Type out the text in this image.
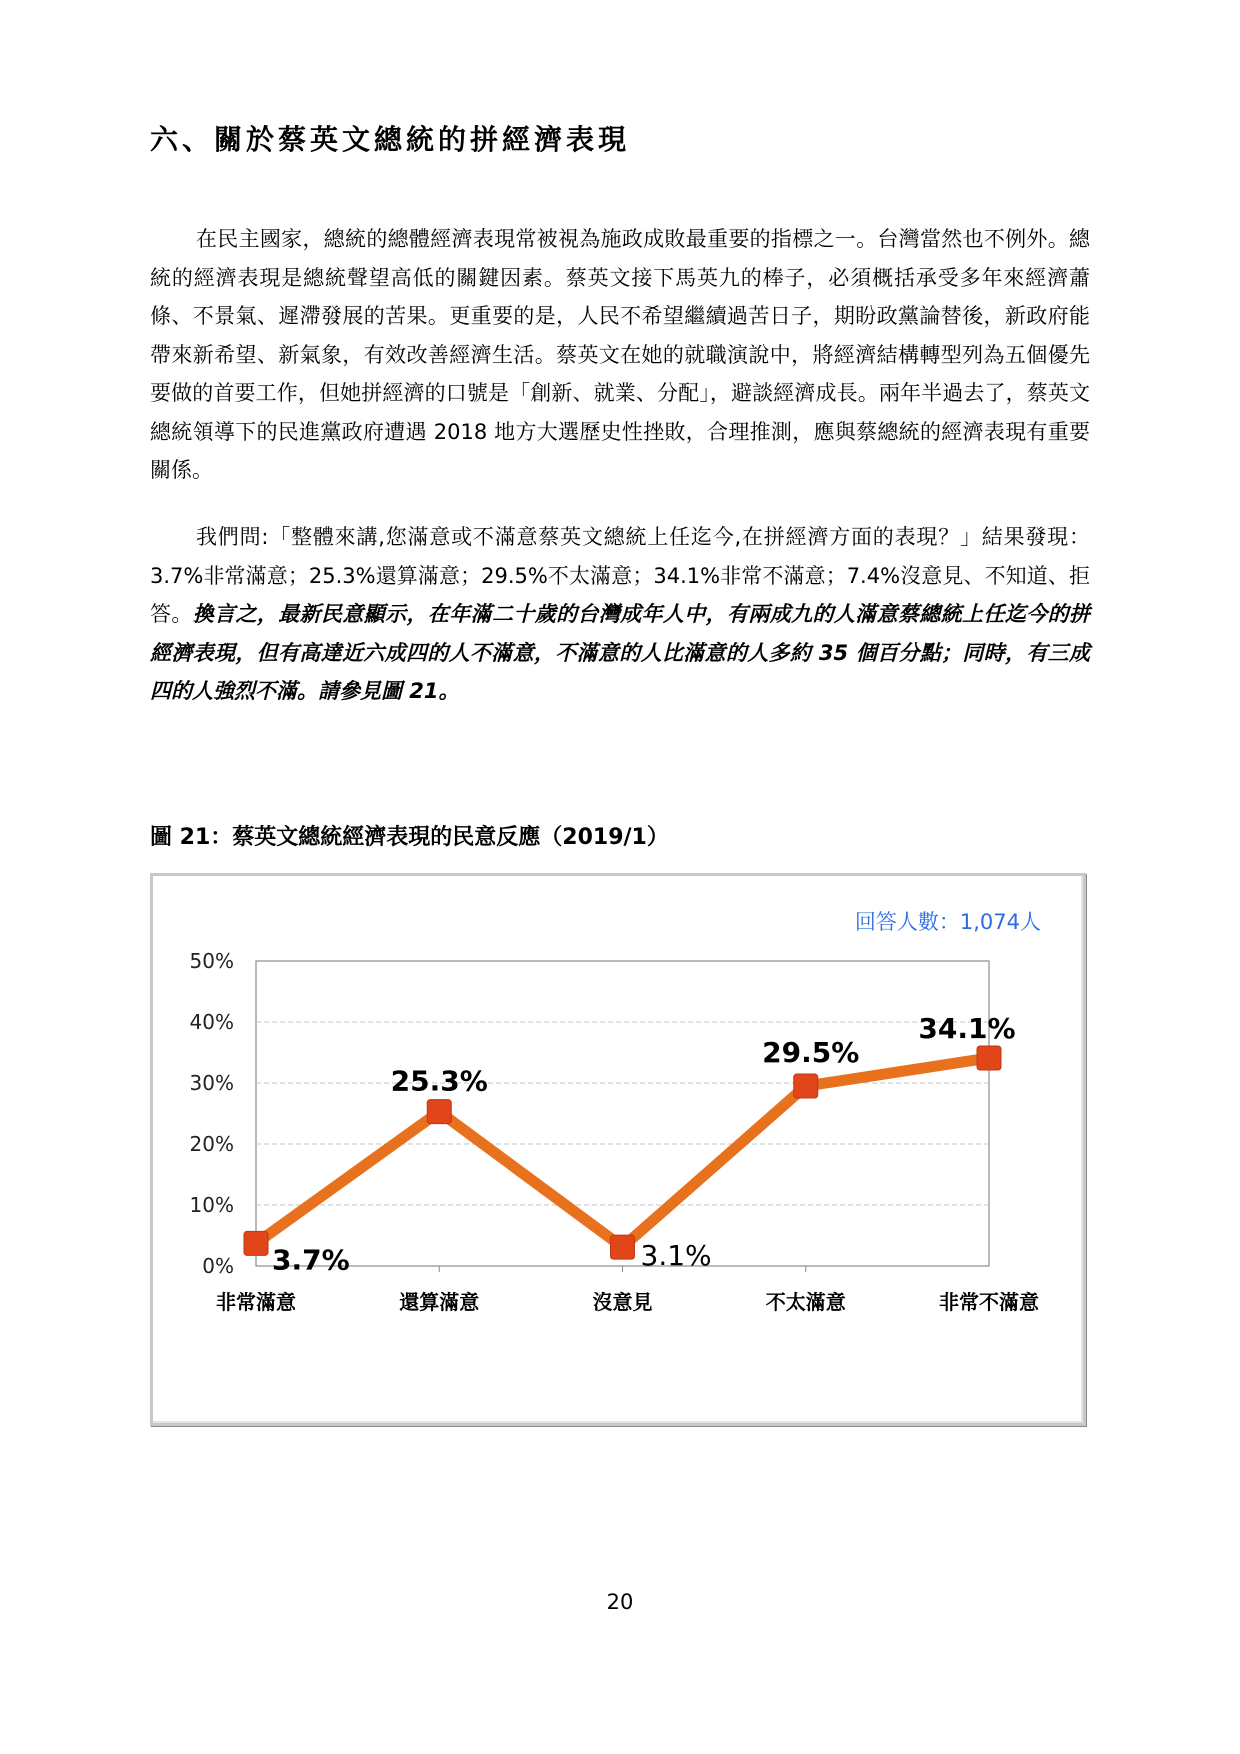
六、關於蔡英文總統的拼經濟表現

在民主國家，總統的總體經濟表現常被視為施政成敗最重要的指標之一。台灣當然也不例外。總統的經濟表現是總統聲望高低的關鍵因素。蔡英文接下馬英九的棒子，必須概括承受多年來經濟蕭條、不景氣、遲滯發展的苦果。更重要的是，人民不希望繼續過苦日子，期盼政黨論替後，新政府能帶來新希望、新氣象，有效改善經濟生活。蔡英文在她的就職演說中，將經濟結構轉型列為五個優先要做的首要工作，但她拼經濟的口號是「創新、就業、分配」，避談經濟成長。兩年半過去了，蔡英文總統領導下的民進黨政府遭遇 2018 地方大選歷史性挫敗，合理推測，應與蔡總統的經濟表現有重要關係。

我們問:「整體來講,您滿意或不滿意蔡英文總統上任迄今,在拼經濟方面的表現？」結果發現：3.7%非常滿意；25.3%還算滿意；29.5%不太滿意；34.1%非常不滿意；7.4%沒意見、不知道、拒答。換言之，最新民意顯示，在年滿二十歲的台灣成年人中，有兩成九的人滿意蔡總統上任迄今的拼經濟表現，但有高達近六成四的人不滿意，不滿意的人比滿意的人多約 35 個百分點；同時，有三成四的人強烈不滿。請參見圖 21。

圖 21：蔡英文總統經濟表現的民意反應（2019/1）
回答人數：1,074人
0%
10%
20%
30%
40%
50%
非常滿意	還算滿意	沒意見	不太滿意	非常不滿意
3.7%
25.3%
3.1%
29.5%
34.1%
20
